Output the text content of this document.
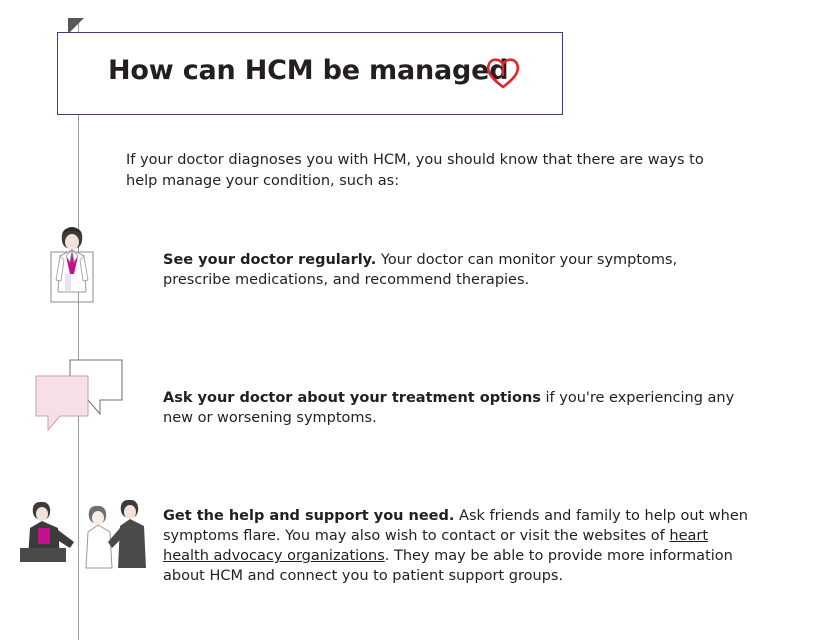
How can HCM be managed
If your doctor diagnoses you with HCM, you should know that there are ways to help manage your condition, such as:
See your doctor regularly. Your doctor can monitor your symptoms, prescribe medications, and recommend therapies.
Ask your doctor about your treatment options if you're experiencing any new or worsening symptoms.
Get the help and support you need. Ask friends and family to help out when symptoms flare. You may also wish to contact or visit the websites of heart health advocacy organizations. They may be able to provide more information about HCM and connect you to patient support groups.
